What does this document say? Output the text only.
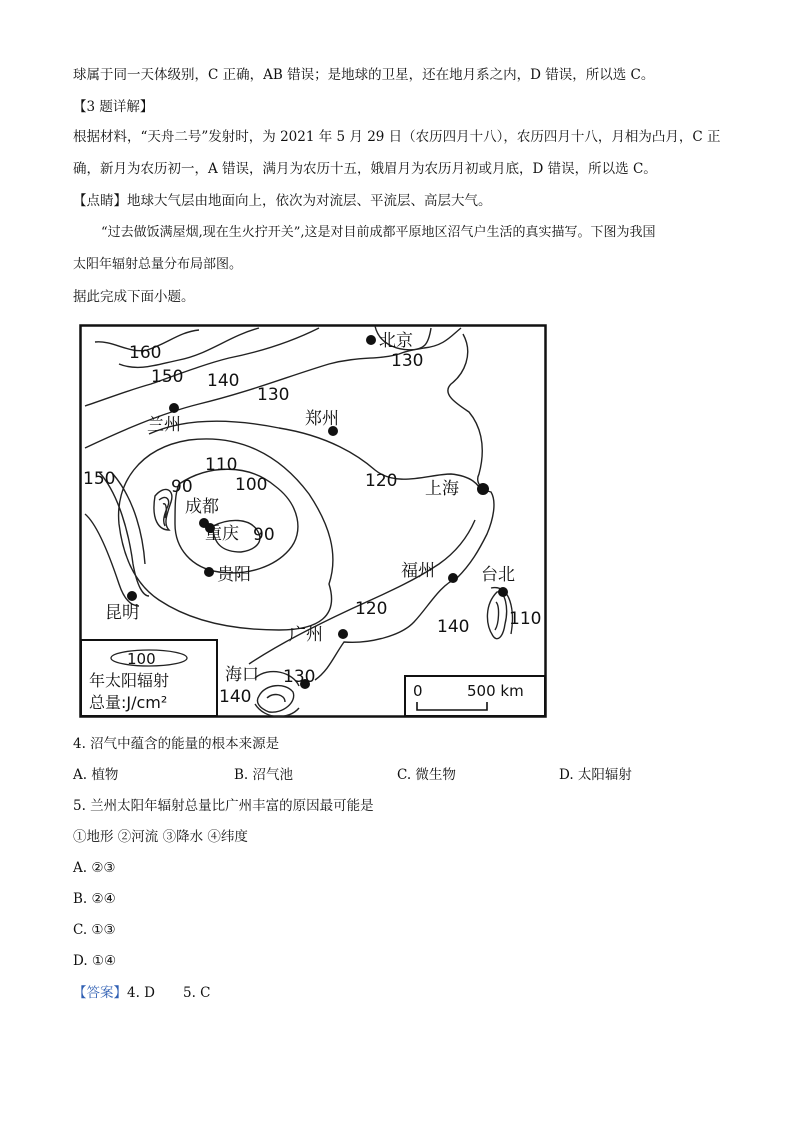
球属于同一天体级别，C 正确，AB 错误；是地球的卫星，还在地月系之内，D 错误，所以选 C。
【3 题详解】
根据材料，“天舟二号”发射时，为 2021 年 5 月 29 日（农历四月十八），农历四月十八，月相为凸月，C 正
确，新月为农历初一，A 错误，满月为农历十五，娥眉月为农历月初或月底，D 错误，所以选 C。
【点睛】地球大气层由地面向上，依次为对流层、平流层、高层大气。
“过去做饭满屋烟,现在生火拧开关”,这是对目前成都平原地区沼气户生活的真实描写。下图为我国
太阳年辐射总量分布局部图。
据此完成下面小题。
北京
郑州
兰州
上海
成都
重庆
贵阳
昆明
福州	台北
广州
海口
160
150 140
130
130
110
120
150	90 100
90
120
140 110
130
140
100
年太阳辐射
总量:J/cm²
0	500 km
4. 沼气中蕴含的能量的根本来源是
A. 植物	B. 沼气池	C. 微生物	D. 太阳辐射
5. 兰州太阳年辐射总量比广州丰富的原因最可能是
①地形 ②河流 ③降水 ④纬度
A. ②③
B. ②④
C. ①③
D. ①④
【答案】4. D 5. C
